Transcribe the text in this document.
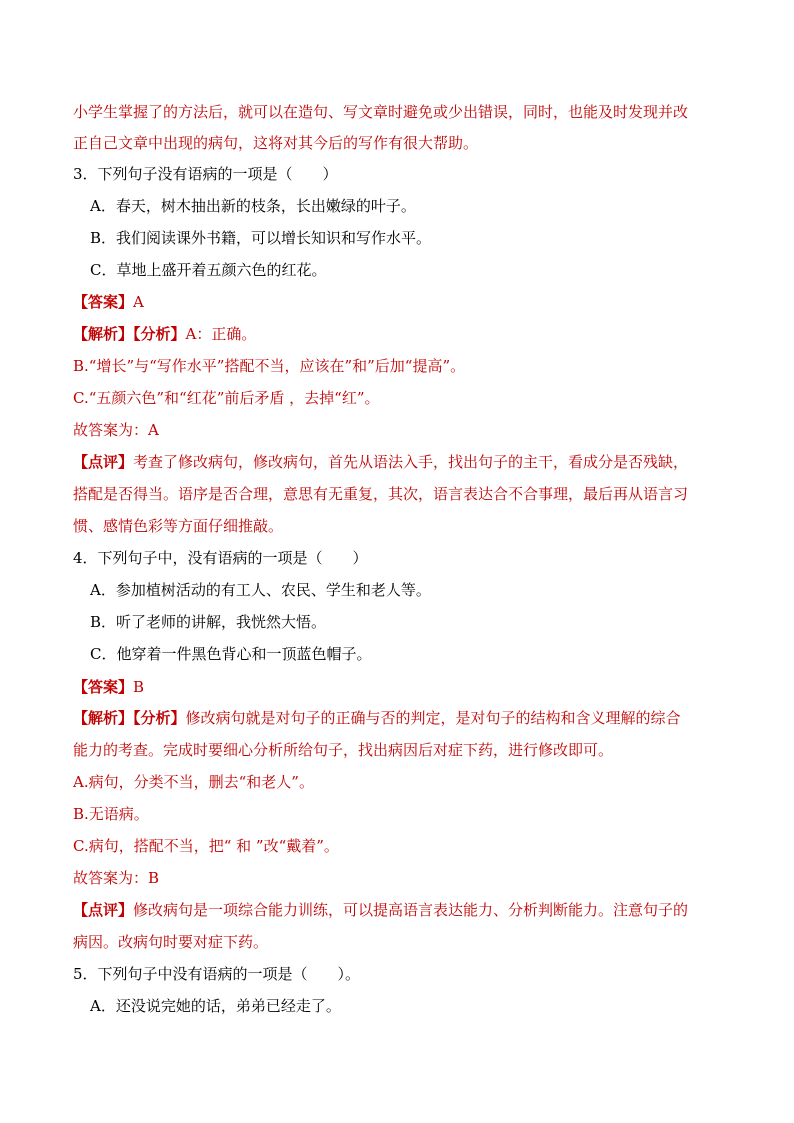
小学生掌握了的方法后，就可以在造句、写文章时避免或少出错误，同时，也能及时发现并改
正自己文章中出现的病句，这将对其今后的写作有很大帮助。
3．下列句子没有语病的一项是（　　）
A．春天，树木抽出新的枝条，长出嫩绿的叶子。
B．我们阅读课外书籍，可以增长知识和写作水平。
C．草地上盛开着五颜六色的红花。
【答案】A
【解析】【分析】A：正确。
B.“增长”与“写作水平”搭配不当，应该在”和”后加“提高”。
C.“五颜六色”和“红花”前后矛盾 ，去掉“红”。
故答案为：A
【点评】考查了修改病句，修改病句，首先从语法入手，找出句子的主干，看成分是否残缺，
搭配是否得当。语序是否合理，意思有无重复，其次，语言表达合不合事理，最后再从语言习
惯、感情色彩等方面仔细推敲。
4．下列句子中，没有语病的一项是（　　）
A．参加植树活动的有工人、农民、学生和老人等。
B．听了老师的讲解，我恍然大悟。
C．他穿着一件黑色背心和一顶蓝色帽子。
【答案】B
【解析】【分析】修改病句就是对句子的正确与否的判定，是对句子的结构和含义理解的综合
能力的考查。完成时要细心分析所给句子，找出病因后对症下药，进行修改即可。
A.病句，分类不当，删去“和老人”。
B.无语病。
C.病句，搭配不当，把“ 和 ”改“戴着”。
故答案为：B
【点评】修改病句是一项综合能力训练，可以提高语言表达能力、分析判断能力。注意句子的
病因。改病句时要对症下药。
5．下列句子中没有语病的一项是（　　）。
A．还没说完她的话，弟弟已经走了。
